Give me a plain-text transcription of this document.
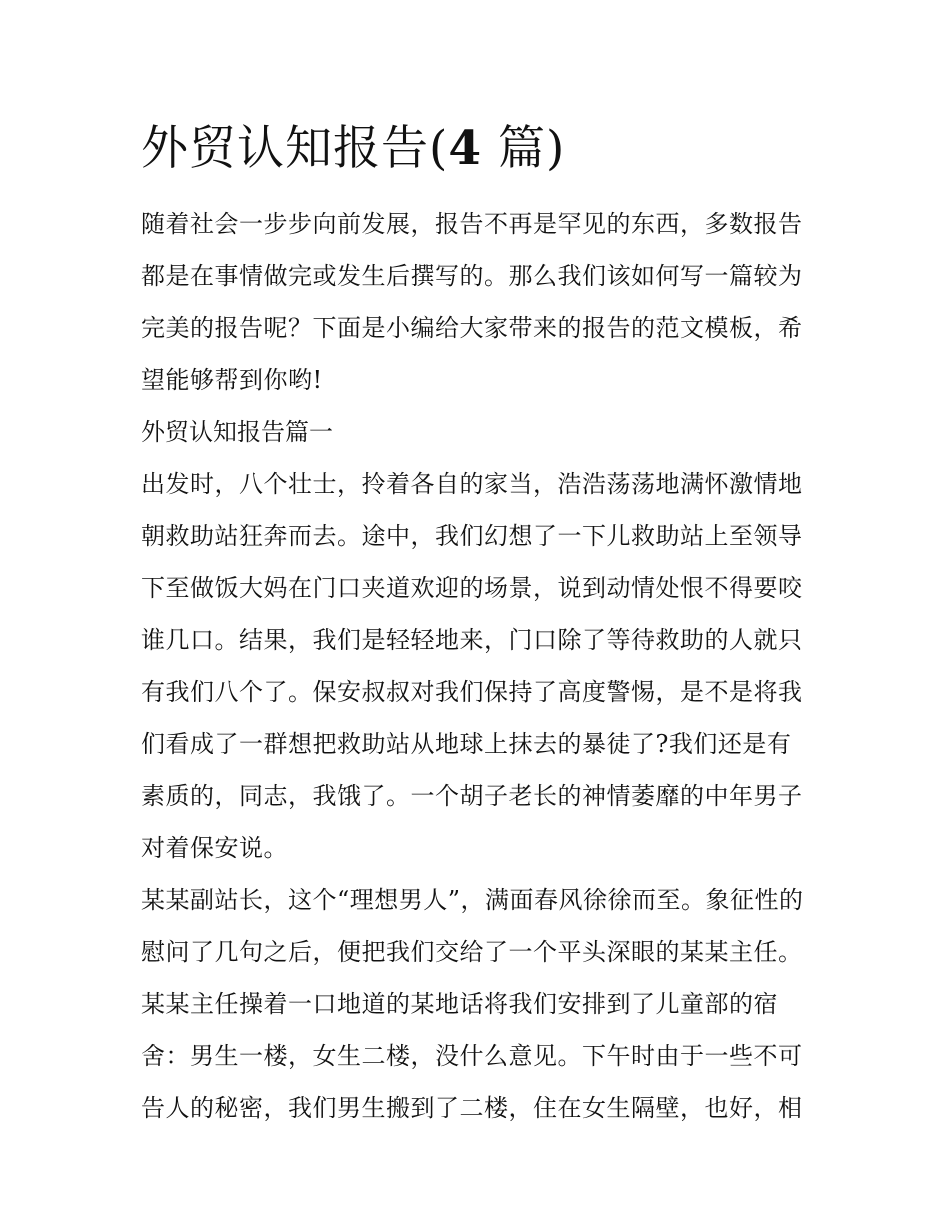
外贸认知报告(4 篇)

随着社会一步步向前发展，报告不再是罕见的东西，多数报告

都是在事情做完或发生后撰写的。那么我们该如何写一篇较为

完美的报告呢？下面是小编给大家带来的报告的范文模板，希

望能够帮到你哟!

外贸认知报告篇一

出发时，八个壮士，拎着各自的家当，浩浩荡荡地满怀激情地

朝救助站狂奔而去。途中，我们幻想了一下儿救助站上至领导

下至做饭大妈在门口夹道欢迎的场景，说到动情处恨不得要咬

谁几口。结果，我们是轻轻地来，门口除了等待救助的人就只

有我们八个了。保安叔叔对我们保持了高度警惕，是不是将我

们看成了一群想把救助站从地球上抹去的暴徒了?我们还是有

素质的，同志，我饿了。一个胡子老长的神情萎靡的中年男子

对着保安说。

某某副站长，这个“理想男人”，满面春风徐徐而至。象征性的

慰问了几句之后，便把我们交给了一个平头深眼的某某主任。

某某主任操着一口地道的某地话将我们安排到了儿童部的宿

舍：男生一楼，女生二楼，没什么意见。下午时由于一些不可

告人的秘密，我们男生搬到了二楼，住在女生隔壁，也好，相
